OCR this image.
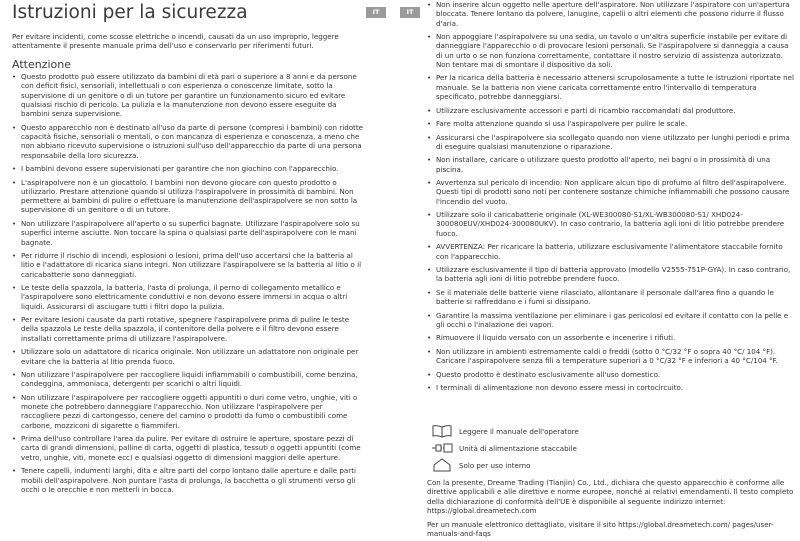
Istruzioni per la sicurezza	IT

Per evitare incidenti, come scosse elettriche o incendi, causati da un uso improprio, leggere attentamente il presente manuale prima dell'uso e conservarlo per riferimenti futuri.

Attenzione
• Questo prodotto può essere utilizzato da bambini di età pari o superiore a 8 anni e da persone con deficit fisici, sensoriali, intellettuali o con esperienza o conoscenze limitate, sotto la supervisione di un genitore o di un tutore per garantire un funzionamento sicuro ed evitare qualsiasi rischio di pericolo. La pulizia e la manutenzione non devono essere eseguite da bambini senza supervisione.
• Questo apparecchio non è destinato all'uso da parte di persone (compresi i bambini) con ridotte capacità fisiche, sensoriali o mentali, o con mancanza di esperienza e conoscenza, a meno che non abbiano ricevuto supervisione o istruzioni sull'uso dell'apparecchio da parte di una persona responsabile della loro sicurezza.
• I bambini devono essere supervisionati per garantire che non giochino con l'apparecchio.
• L'aspirapolvere non è un giocattolo. I bambini non devono giocare con questo prodotto o utilizzarlo. Prestare attenzione quando si utilizza l'aspirapolvere in prossimità di bambini. Non permettere ai bambini di pulire o effettuare la manutenzione dell'aspirapolvere se non sotto la supervisione di un genitore o di un tutore.
• Non utilizzare l'aspirapolvere all'aperto o su superfici bagnate. Utilizzare l'aspirapolvere solo su superfici interne asciutte. Non toccare la spina o qualsiasi parte dell'aspirapolvere con le mani bagnate.
• Per ridurre il rischio di incendi, esplosioni o lesioni, prima dell'uso accertarsi che la batteria al litio e l'adattatore di ricarica siano integri. Non utilizzare l'aspirapolvere se la batteria al litio o il caricabatterie sono danneggiati.
• Le teste della spazzola, la batteria, l'asta di prolunga, il perno di collegamento metallico e l'aspirapolvere sono elettricamente conduttivi e non devono essere immersi in acqua o altri liquidi. Assicurarsi di asciugare tutti i filtri dopo la pulizia.
• Per evitare lesioni causate da parti rotative, spegnere l'aspirapolvere prima di pulire le teste della spazzola Le teste della spazzola, il contenitore della polvere e il filtro devono essere installati correttamente prima di utilizzare l'aspirapolvere.
• Utilizzare solo un adattatore di ricarica originale. Non utilizzare un adattatore non originale per evitare che la batteria al litio prenda fuoco.
• Non utilizzare l'aspirapolvere per raccogliere liquidi infiammabili o combustibili, come benzina, candeggina, ammoniaca, detergenti per scarichi o altri liquidi.
• Non utilizzare l'aspirapolvere per raccogliere oggetti appuntiti o duri come vetro, unghie, viti o monete che potrebbero danneggiare l'apparecchio. Non utilizzare l'aspirapolvere per raccogliere pezzi di cartongesso, cenere del camino o prodotti da fumo o combustibili come carbone, mozziconi di sigarette o fiammiferi.
• Prima dell'uso controllare l'area da pulire. Per evitare di ostruire le aperture, spostare pezzi di carta di grandi dimensioni, palline di carta, oggetti di plastica, tessuti o oggetti appuntiti (come vetro, unghie, viti, monete ecc) e qualsiasi oggetto di dimensioni maggiori delle aperture.
• Tenere capelli, indumenti larghi, dita e altre parti del corpo lontano dalle aperture e dalle parti mobili dell'aspirapolvere. Non puntare l'asta di prolunga, la bacchetta o gli strumenti verso gli occhi o le orecchie e non metterli in bocca.
IT
• Non inserire alcun oggetto nelle aperture dell'aspiratore. Non utilizzare l'aspiratore con un'apertura bloccata. Tenere lontano da polvere, lanugine, capelli o altri elementi che possono ridurre il flusso d'aria.
• Non appoggiare l'aspirapolvere su una sedia, un tavolo o un'altra superficie instabile per evitare di danneggiare l'apparecchio o di provocare lesioni personali. Se l'aspirapolvere si danneggia a causa di un urto o se non funziona correttamente, contattare il nostro servizio di assistenza autorizzato. Non tentare mai di smontare il dispositivo da soli.
• Per la ricarica della batteria è necessario attenersi scrupolosamente a tutte le istruzioni riportate nel manuale. Se la batteria non viene caricata correttamente entro l'intervallo di temperatura specificato, potrebbe danneggiarsi.
• Utilizzare esclusivamente accessori e parti di ricambio raccomandati dal produttore.
• Fare molta attenzione quando si usa l'aspirapolvere per pulire le scale.
• Assicurarsi che l'aspirapolvere sia scollegato quando non viene utilizzato per lunghi periodi e prima di eseguire qualsiasi manutenzione o riparazione.
• Non installare, caricare o utilizzare questo prodotto all'aperto, nei bagni o in prossimità di una piscina.
• Avvertenza sul pericolo di incendio: Non applicare alcun tipo di profumo al filtro dell'aspirapolvere. Questi tipi di prodotti sono noti per contenere sostanze chimiche infiammabili che possono causare l'incendio del vuoto.
• Utilizzare solo il caricabatterie originale (XL-WE300080-S1/XL-WB300080-S1/ XHD024-300080EUV/XHD024-300080UKV). In caso contrario, la batteria agli ioni di litio potrebbe prendere fuoco.
• AVVERTENZA: Per ricaricare la batteria, utilizzare esclusivamente l'alimentatore staccabile fornito con l'apparecchio.
• Utilizzare esclusivamente il tipo di batteria approvato (modello V2555-751P-GYA). In caso contrario, la batteria agli ioni di litio potrebbe prendere fuoco.
• Se il materiale delle batterie viene rilasciato, allontanare il personale dall'area fino a quando le batterie si raffreddano e i fumi si dissipano.
• Garantire la massima ventilazione per eliminare i gas pericolosi ed evitare il contatto con la pelle e gli occhi o l'inalazione dei vapori.
• Rimuovere il liquido versato con un assorbente e incenerire i rifiuti.
• Non utilizzare in ambienti estremamente caldi o freddi (sotto 0 °C/32 °F o sopra 40 °C/ 104 °F). Caricare l'aspirapolvere senza fili a temperature superiori a 0 °C/32 °F e inferiori a 40 °C/104 °F.
• Questo prodotto è destinato esclusivamente all'uso domestico.
• I terminali di alimentazione non devono essere messi in cortocircuito.
i Leggere il manuale dell'operatore
Unità di alimentazione staccabile
Solo per uso interno

Con la presente, Dreame Trading (Tianjin) Co., Ltd., dichiara che questo apparecchio è conforme alle direttive applicabili e alle direttive e norme europee, nonché ai relativi emendamenti. Il testo completo della dichiarazione di conformità dell'UE è disponibile al seguente indirizzo internet: https://global.dreametech.com

Per un manuale elettronico dettagliato, visitare il sito https://global.dreametech.com/ pages/user-manuals-and-faqs
